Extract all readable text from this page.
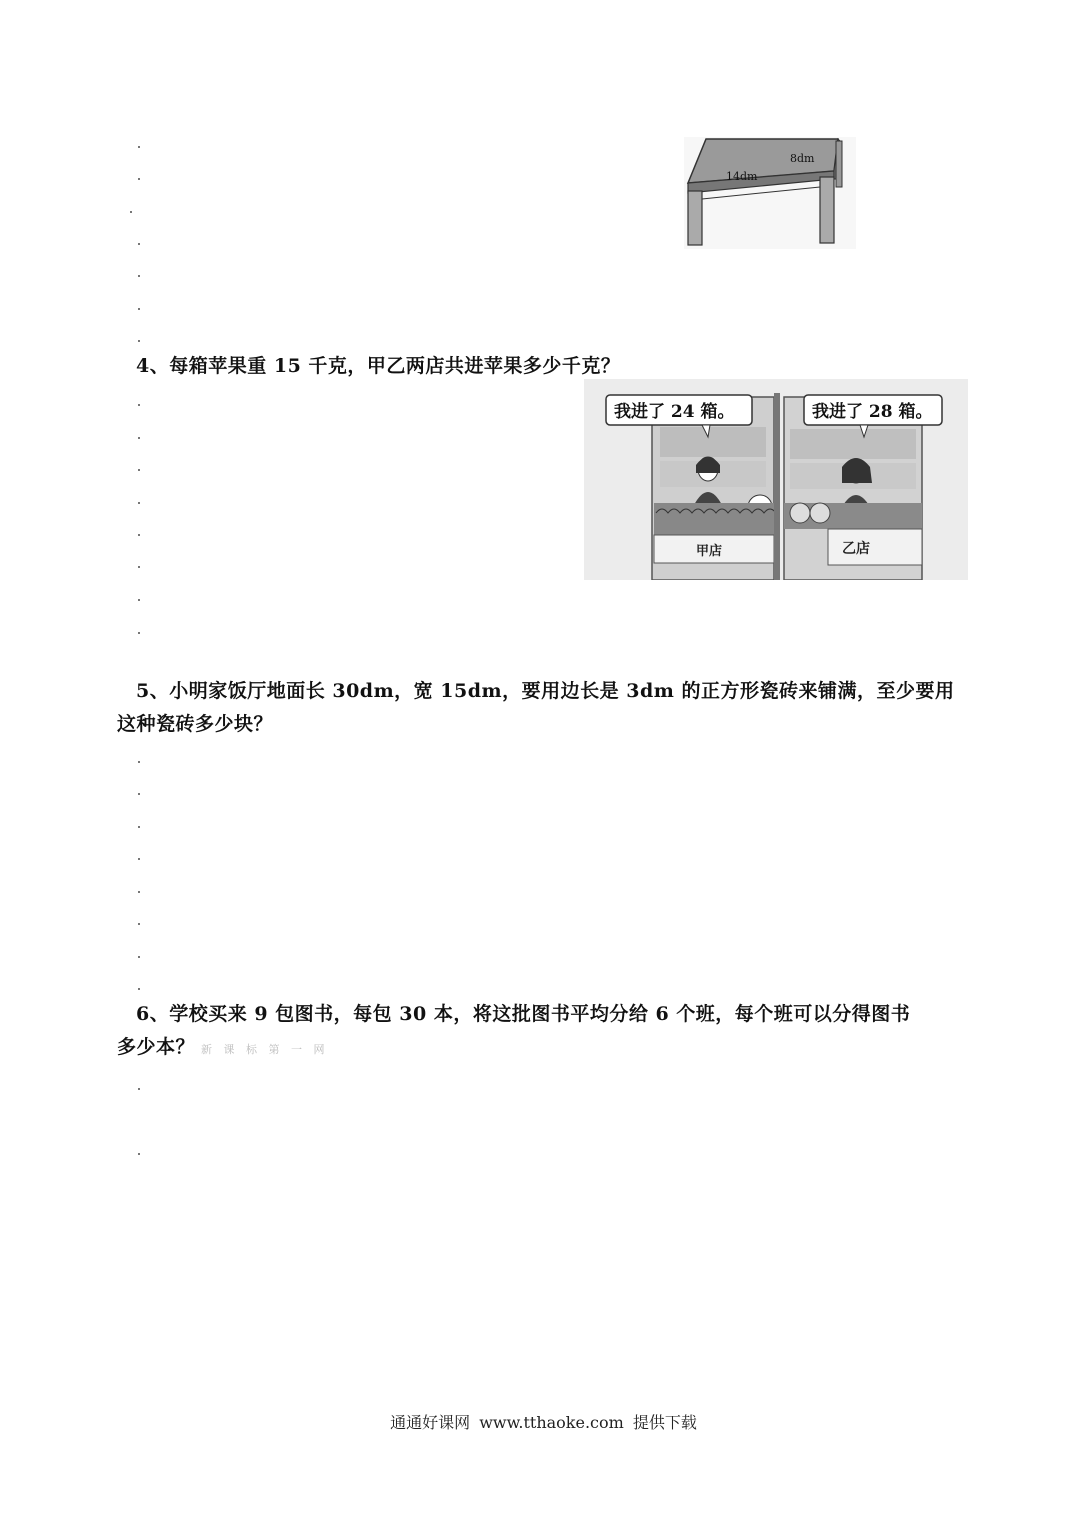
14dm
8dm
4、每箱苹果重 15 千克，甲乙两店共进苹果多少千克？
甲店
我进了 24 箱。
乙店
我进了 28 箱。
5、小明家饭厅地面长 30dm，宽 15dm，要用边长是 3dm 的正方形瓷砖来铺满，至少要用
这种瓷砖多少块？
6、学校买来 9 包图书，每包 30 本，将这批图书平均分给 6 个班，每个班可以分得图书
多少本？ 新 课 标 第 一 网
通通好课网 www.tthaoke.com 提供下载
